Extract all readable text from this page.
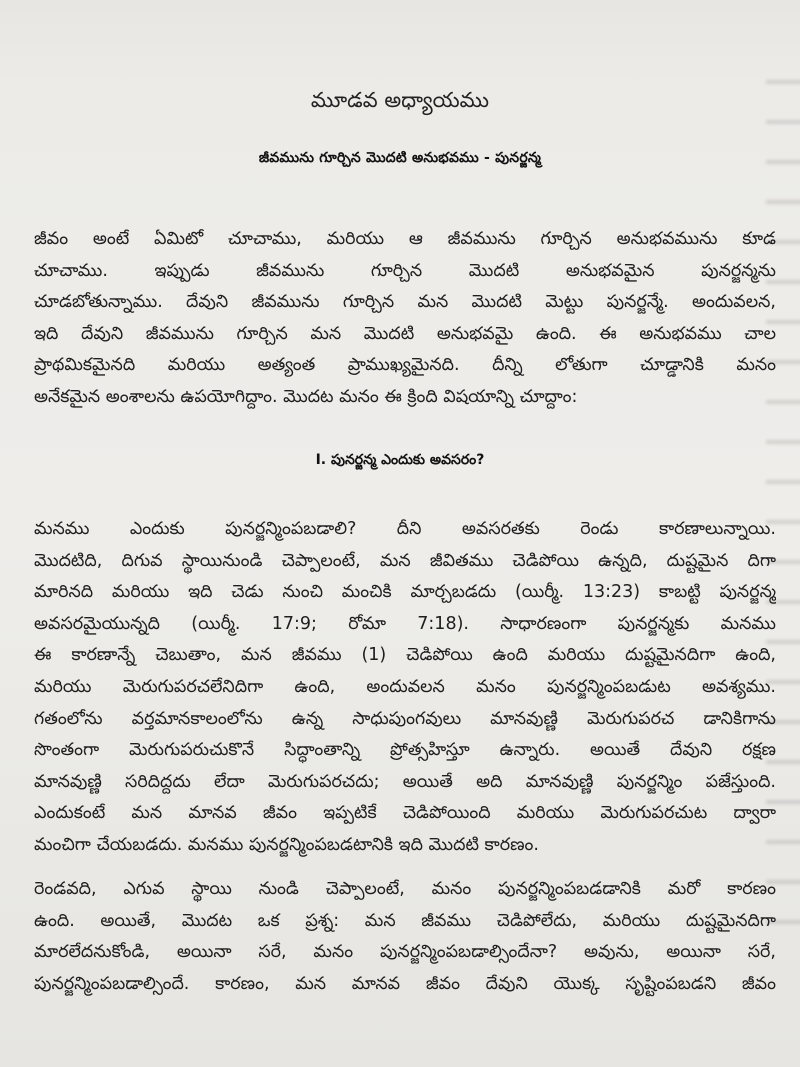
మూడవ అధ్యాయము
జీవమును గూర్చిన మొదటి అనుభవము - పునర్జన్మ
జీవం అంటే ఏమిటో చూచాము, మరియు ఆ జీవమును గూర్చిన అనుభవమును కూడ
చూచాము. ఇప్పుడు జీవమును గూర్చిన మొదటి అనుభవమైన పునర్జన్మను
చూడబోతున్నాము. దేవుని జీవమును గూర్చిన మన మొదటి మెట్టు పునర్జన్మే. అందువలన,
ఇది దేవుని జీవమును గూర్చిన మన మొదటి అనుభవమై ఉంది. ఈ అనుభవము చాల
ప్రాథమికమైనది మరియు అత్యంత ప్రాముఖ్యమైనది. దీన్ని లోతుగా చూడ్డానికి మనం
అనేకమైన అంశాలను ఉపయోగిద్దాం. మొదట మనం ఈ క్రింది విషయాన్ని చూద్దాం:
I. పునర్జన్మ ఎందుకు అవసరం?
మనము ఎందుకు పునర్జన్మింపబడాలి? దీని అవసరతకు రెండు కారణాలున్నాయి.
మొదటిది, దిగువ స్థాయినుండి చెప్పాలంటే, మన జీవితము చెడిపోయి ఉన్నది, దుష్టమైన దిగా
మారినది మరియు ఇది చెడు నుంచి మంచికి మార్చబడదు (యిర్మీ. 13:23) కాబట్టి పునర్జన్మ
అవసరమైయున్నది (యిర్మీ. 17:9; రోమా 7:18). సాధారణంగా పునర్జన్మకు మనము
ఈ కారణాన్నే చెబుతాం, మన జీవము (1) చెడిపోయి ఉంది మరియు దుష్టమైనదిగా ఉంది,
మరియు మెరుగుపరచలేనిదిగా ఉంది, అందువలన మనం పునర్జన్మింపబడుట అవశ్యము.
గతంలోను వర్తమానకాలంలోను ఉన్న సాధుపుంగవులు మానవుణ్ణి మెరుగుపరచ డానికిగాను
సొంతంగా మెరుగుపరుచుకొనే సిద్ధాంతాన్ని ప్రోత్సహిస్తూ ఉన్నారు. అయితే దేవుని రక్షణ
మానవుణ్ణి సరిదిద్దదు లేదా మెరుగుపరచదు; అయితే అది మానవుణ్ణి పునర్జన్మిం పజేస్తుంది.
ఎందుకంటే మన మానవ జీవం ఇప్పటికే చెడిపోయింది మరియు మెరుగుపరచుట ద్వారా
మంచిగా చేయబడదు. మనము పునర్జన్మింపబడటానికి ఇది మొదటి కారణం.
రెండవది, ఎగువ స్థాయి నుండి చెప్పాలంటే, మనం పునర్జన్మింపబడడానికి మరో కారణం
ఉంది. అయితే, మొదట ఒక ప్రశ్న: మన జీవము చెడిపోలేదు, మరియు దుష్టమైనదిగా
మారలేదనుకోండి, అయినా సరే, మనం పునర్జన్మింపబడాల్సిందేనా? అవును, అయినా సరే,
పునర్జన్మింపబడాల్సిందే. కారణం, మన మానవ జీవం దేవుని యొక్క సృష్టింపబడని జీవం
